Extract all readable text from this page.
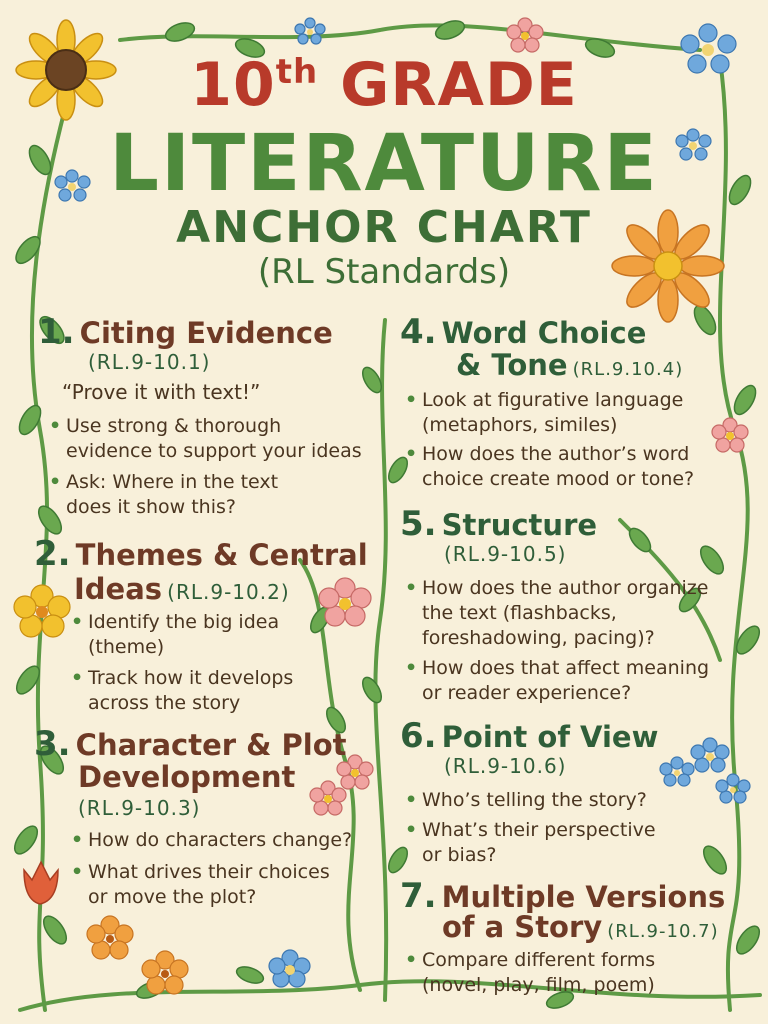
10th GRADE
LITERATURE
ANCHOR CHART
(RL Standards)
1. Citing Evidence
(RL.9-10.1)
“Prove it with text!”
• Use strong & thorough
evidence to support your ideas
• Ask: Where in the text
does it show this?
2. Themes & Central
Ideas (RL.9-10.2)
• Identify the big idea
(theme)
• Track how it develops
across the story
3. Character & Plot
Development
(RL.9-10.3)
• How do characters change?
• What drives their choices
or move the plot?
4. Word Choice
& Tone (RL.9.10.4)
• Look at figurative language
(metaphors, similes)
• How does the author’s word
choice create mood or tone?
5. Structure
(RL.9-10.5)
• How does the author organize
the text (flashbacks,
foreshadowing, pacing)?
• How does that affect meaning
or reader experience?
6. Point of View
(RL.9-10.6)
• Who’s telling the story?
• What’s their perspective
or bias?
7. Multiple Versions
of a Story (RL.9-10.7)
• Compare different forms
(novel, play, film, poem)
